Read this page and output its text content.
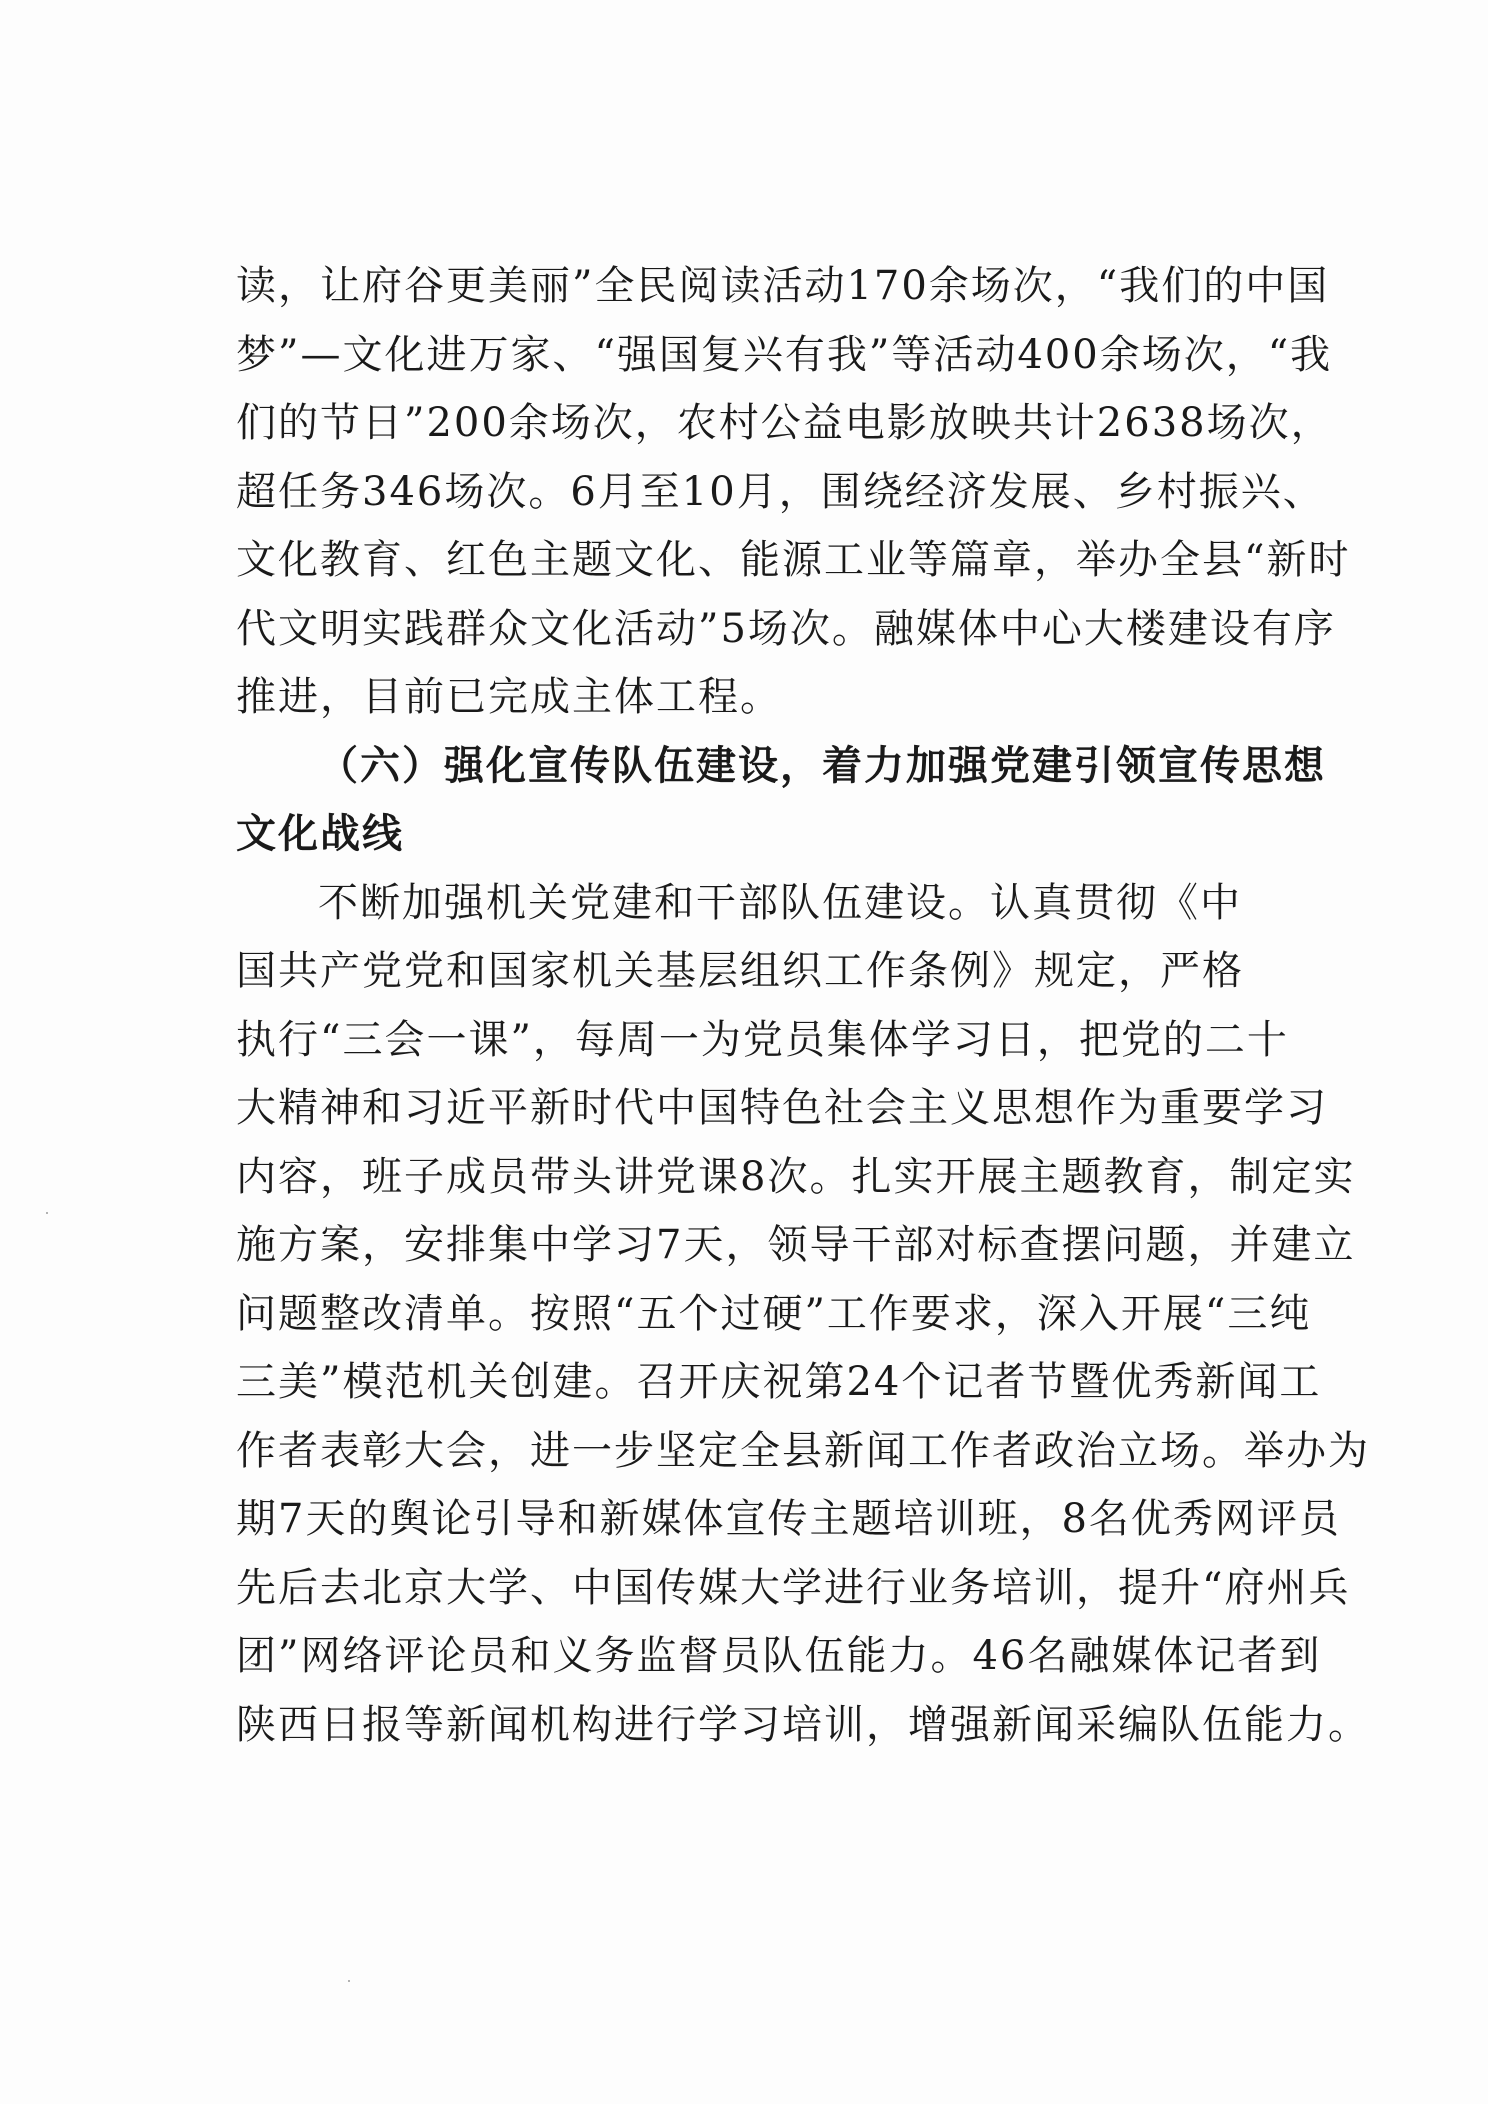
读，让府谷更美丽”全民阅读活动170余场次，“我们的中国
梦”—文化进万家、“强国复兴有我”等活动400余场次，“我
们的节日”200余场次，农村公益电影放映共计2638场次，
超任务346场次。6月至10月，围绕经济发展、乡村振兴、
文化教育、红色主题文化、能源工业等篇章，举办全县“新时
代文明实践群众文化活动”5场次。融媒体中心大楼建设有序
推进，目前已完成主体工程。
（六）强化宣传队伍建设，着力加强党建引领宣传思想
文化战线
不断加强机关党建和干部队伍建设。认真贯彻《中
国共产党党和国家机关基层组织工作条例》规定，严格
执行“三会一课”，每周一为党员集体学习日，把党的二十
大精神和习近平新时代中国特色社会主义思想作为重要学习
内容，班子成员带头讲党课8次。扎实开展主题教育，制定实
施方案，安排集中学习7天，领导干部对标查摆问题，并建立
问题整改清单。按照“五个过硬”工作要求，深入开展“三纯
三美”模范机关创建。召开庆祝第24个记者节暨优秀新闻工
作者表彰大会，进一步坚定全县新闻工作者政治立场。举办为
期7天的舆论引导和新媒体宣传主题培训班，8名优秀网评员
先后去北京大学、中国传媒大学进行业务培训，提升“府州兵
团”网络评论员和义务监督员队伍能力。46名融媒体记者到
陕西日报等新闻机构进行学习培训，增强新闻采编队伍能力。
